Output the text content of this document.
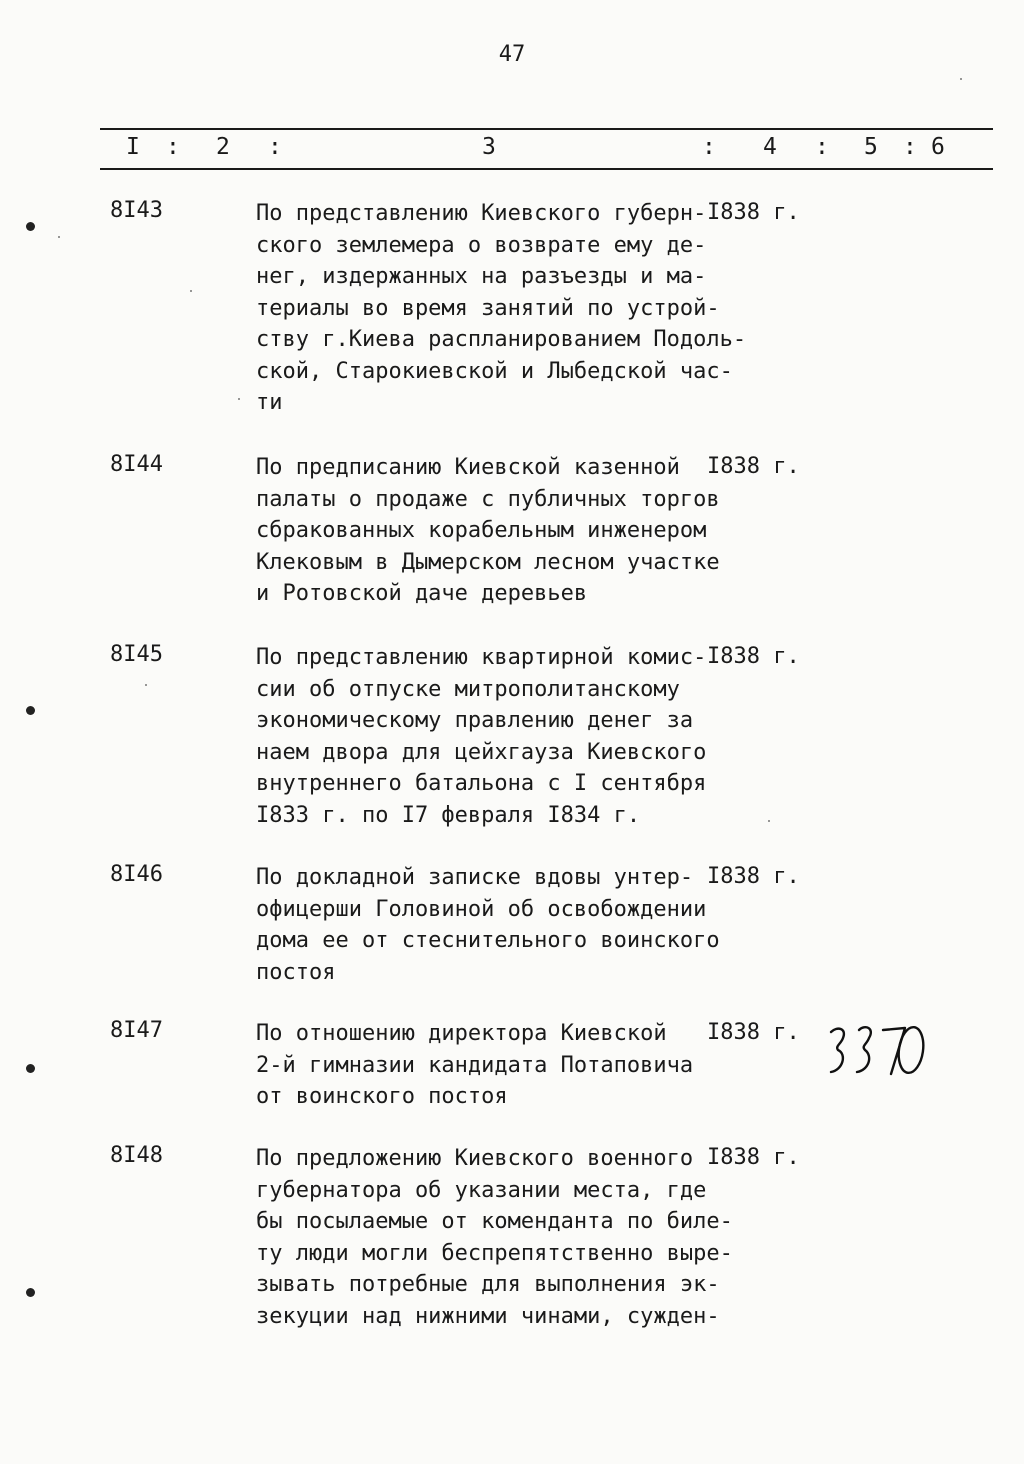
47
I : 2 :	3	: 4 : 5 : 6
8I43	По представлению Киевского губерн-
ского землемера о возврате ему де-
нег, издержанных на разъезды и ма-
териалы во время занятий по устрой-
ству г.Киева распланированием Подоль-
ской, Старокиевской и Лыбедской час-
ти
I838 г.
8I44	По предписанию Киевской казенной
палаты о продаже с публичных торгов
сбракованных корабельным инженером
Клековым в Дымерском лесном участке
и Ротовской даче деревьев
I838 г.
8I45	По представлению квартирной комис-
сии об отпуске митрополитанскому
экономическому правлению денег за
наем двора для цейхгауза Киевского
внутреннего батальона с I сентября
I833 г. по I7 февраля I834 г.
I838 г.
8I46	По докладной записке вдовы унтер-
офицерши Головиной об освобождении
дома ее от стеснительного воинского
постоя
I838 г.
8I47	По отношению директора Киевской
2-й гимназии кандидата Потаповича
от воинского постоя
I838 г.
330
8I48	По предложению Киевского военного
губернатора об указании места, где
бы посылаемые от коменданта по биле-
ту люди могли беспрепятственно выре-
зывать потребные для выполнения эк-
зекуции над нижними чинами, сужден-
I838 г.
